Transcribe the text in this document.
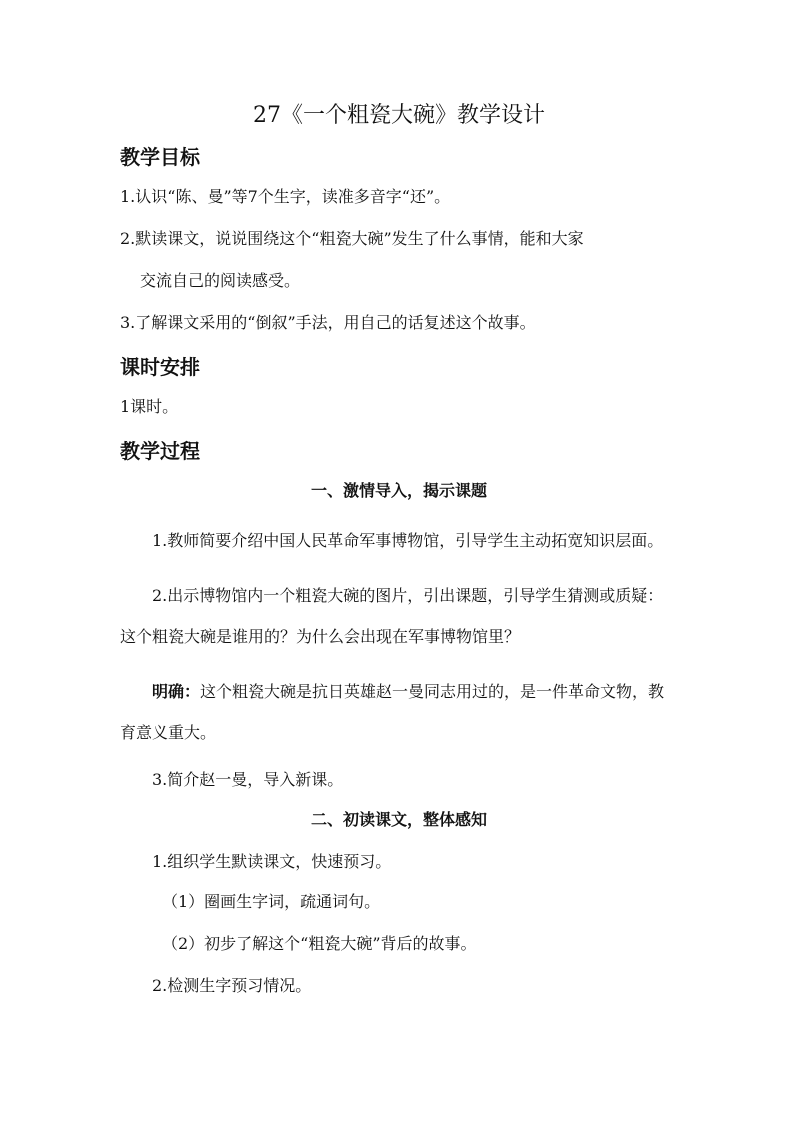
27《一个粗瓷大碗》教学设计
教学目标
1.认识“陈、曼”等7个生字，读准多音字“还”。
2.默读课文，说说围绕这个“粗瓷大碗”发生了什么事情，能和大家
交流自己的阅读感受。
3.了解课文采用的“倒叙”手法，用自己的话复述这个故事。
课时安排
1课时。
教学过程
一、激情导入，揭示课题

1.教师简要介绍中国人民革命军事博物馆，引导学生主动拓宽知识层面。

2.出示博物馆内一个粗瓷大碗的图片，引出课题，引导学生猜测或质疑：这个粗瓷大碗是谁用的？为什么会出现在军事博物馆里？

明确：这个粗瓷大碗是抗日英雄赵一曼同志用过的，是一件革命文物，教育意义重大。

3.简介赵一曼，导入新课。

二、初读课文，整体感知

1.组织学生默读课文，快速预习。

（1）圈画生字词，疏通词句。
（2）初步了解这个“粗瓷大碗”背后的故事。

2.检测生字预习情况。
